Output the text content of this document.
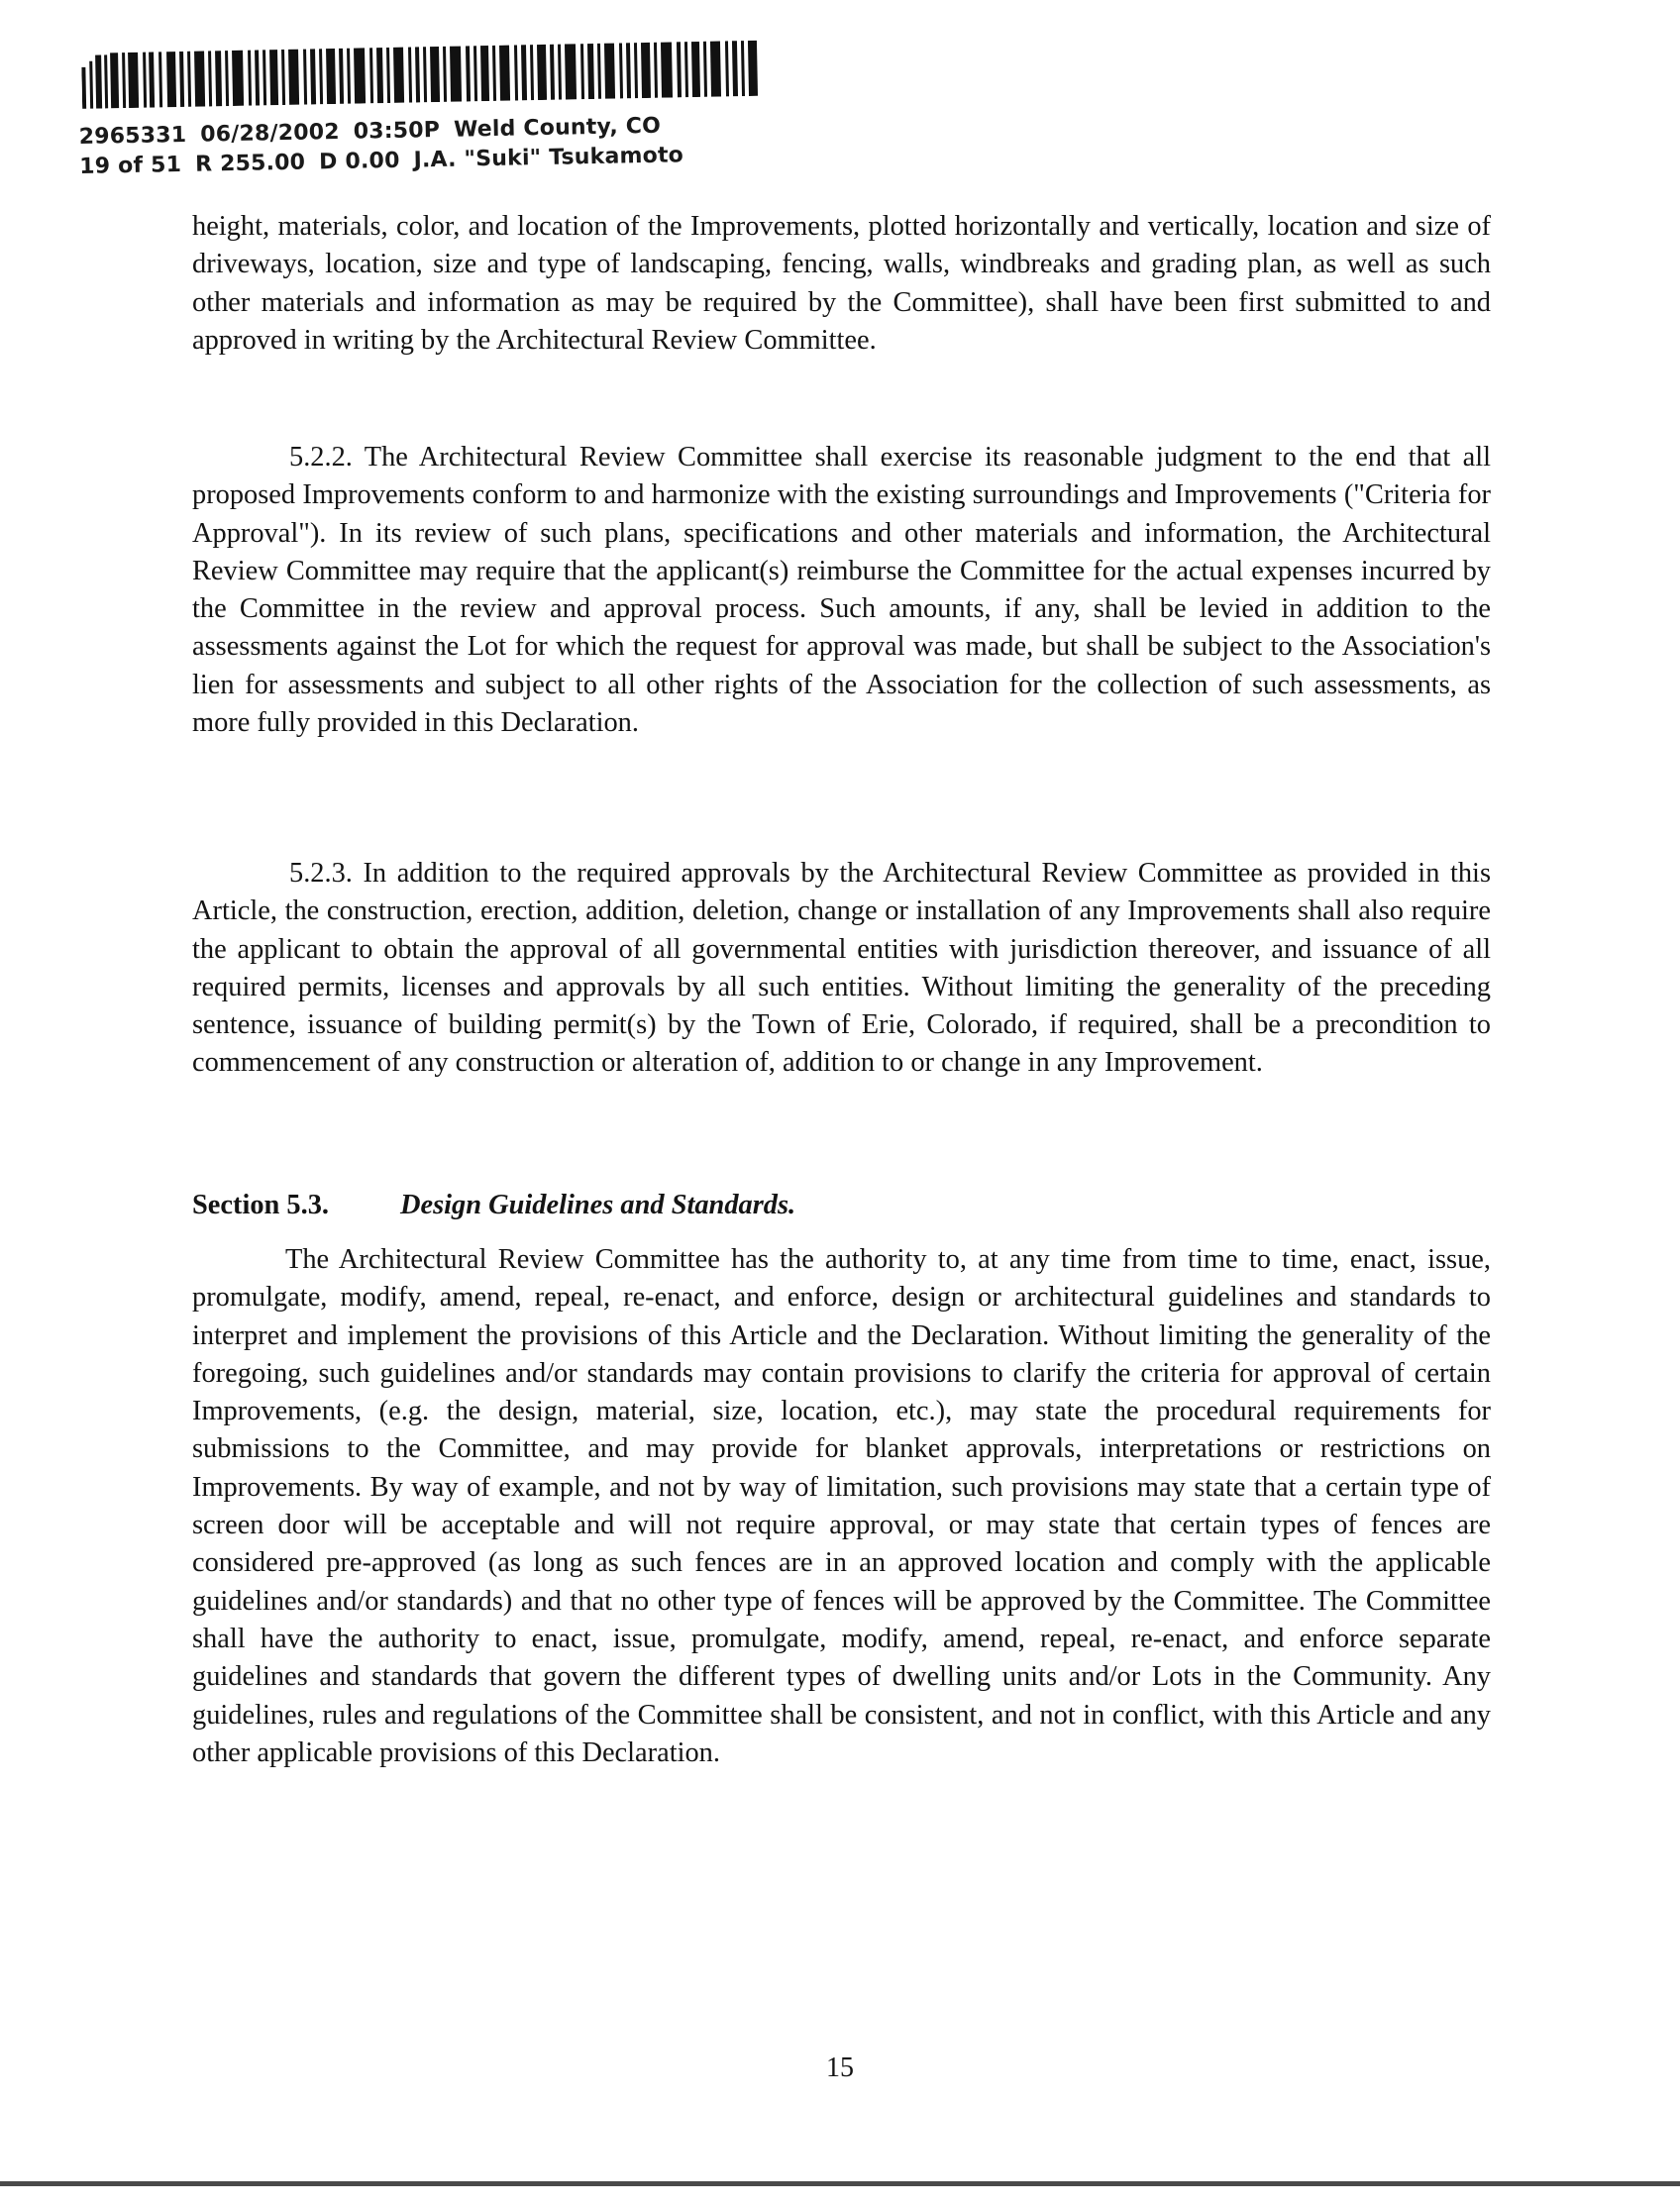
2965331 06/28/2002 03:50P Weld County, CO
19 of 51 R 255.00 D 0.00 J.A. "Suki" Tsukamoto

height, materials, color, and location of the Improvements, plotted horizontally and vertically, location and size of driveways, location, size and type of landscaping, fencing, walls, windbreaks and grading plan, as well as such other materials and information as may be required by the Committee), shall have been first submitted to and approved in writing by the Architectural Review Committee.

5.2.2. The Architectural Review Committee shall exercise its reasonable judgment to the end that all proposed Improvements conform to and harmonize with the existing surroundings and Improvements ("Criteria for Approval"). In its review of such plans, specifications and other materials and information, the Architectural Review Committee may require that the applicant(s) reimburse the Committee for the actual expenses incurred by the Committee in the review and approval process. Such amounts, if any, shall be levied in addition to the assessments against the Lot for which the request for approval was made, but shall be subject to the Association's lien for assessments and subject to all other rights of the Association for the collection of such assessments, as more fully provided in this Declaration.

5.2.3. In addition to the required approvals by the Architectural Review Committee as provided in this Article, the construction, erection, addition, deletion, change or installation of any Improvements shall also require the applicant to obtain the approval of all governmental entities with jurisdiction thereover, and issuance of all required permits, licenses and approvals by all such entities. Without limiting the generality of the preceding sentence, issuance of building permit(s) by the Town of Erie, Colorado, if required, shall be a precondition to commencement of any construction or alteration of, addition to or change in any Improvement.

Section 5.3.	Design Guidelines and Standards.

The Architectural Review Committee has the authority to, at any time from time to time, enact, issue, promulgate, modify, amend, repeal, re-enact, and enforce, design or architectural guidelines and standards to interpret and implement the provisions of this Article and the Declaration. Without limiting the generality of the foregoing, such guidelines and/or standards may contain provisions to clarify the criteria for approval of certain Improvements, (e.g. the design, material, size, location, etc.), may state the procedural requirements for submissions to the Committee, and may provide for blanket approvals, interpretations or restrictions on Improvements. By way of example, and not by way of limitation, such provisions may state that a certain type of screen door will be acceptable and will not require approval, or may state that certain types of fences are considered pre-approved (as long as such fences are in an approved location and comply with the applicable guidelines and/or standards) and that no other type of fences will be approved by the Committee. The Committee shall have the authority to enact, issue, promulgate, modify, amend, repeal, re-enact, and enforce separate guidelines and standards that govern the different types of dwelling units and/or Lots in the Community. Any guidelines, rules and regulations of the Committee shall be consistent, and not in conflict, with this Article and any other applicable provisions of this Declaration.

15
